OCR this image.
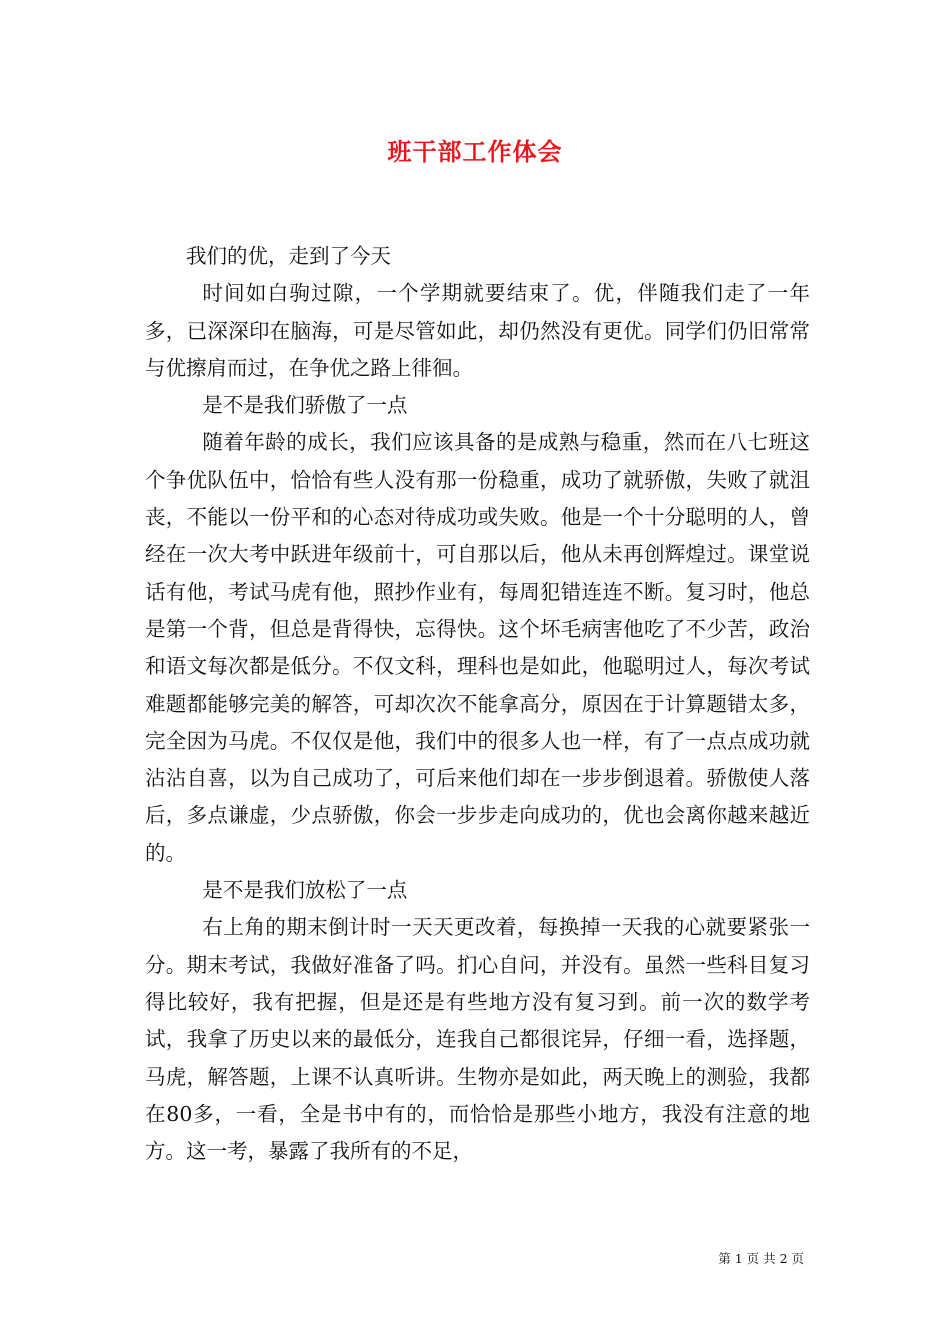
班干部工作体会

我们的优，走到了今天

时间如白驹过隙，一个学期就要结束了。优，伴随我们走了一年多，已深深印在脑海，可是尽管如此，却仍然没有更优。同学们仍旧常常与优擦肩而过，在争优之路上徘徊。

是不是我们骄傲了一点

随着年龄的成长，我们应该具备的是成熟与稳重，然而在八七班这个争优队伍中，恰恰有些人没有那一份稳重，成功了就骄傲，失败了就沮丧，不能以一份平和的心态对待成功或失败。他是一个十分聪明的人，曾经在一次大考中跃进年级前十，可自那以后，他从未再创辉煌过。课堂说话有他，考试马虎有他，照抄作业有，每周犯错连连不断。复习时，他总是第一个背，但总是背得快，忘得快。这个坏毛病害他吃了不少苦，政治和语文每次都是低分。不仅文科，理科也是如此，他聪明过人，每次考试难题都能够完美的解答，可却次次不能拿高分，原因在于计算题错太多，完全因为马虎。不仅仅是他，我们中的很多人也一样，有了一点点成功就沾沾自喜，以为自己成功了，可后来他们却在一步步倒退着。骄傲使人落后，多点谦虚，少点骄傲，你会一步步走向成功的，优也会离你越来越近的。

是不是我们放松了一点

右上角的期末倒计时一天天更改着，每换掉一天我的心就要紧张一分。期末考试，我做好准备了吗。扪心自问，并没有。虽然一些科目复习得比较好，我有把握，但是还是有些地方没有复习到。前一次的数学考试，我拿了历史以来的最低分，连我自己都很诧异，仔细一看，选择题，马虎，解答题，上课不认真听讲。生物亦是如此，两天晚上的测验，我都在80多，一看，全是书中有的，而恰恰是那些小地方，我没有注意的地方。这一考，暴露了我所有的不足，

第 1 页 共 2 页
